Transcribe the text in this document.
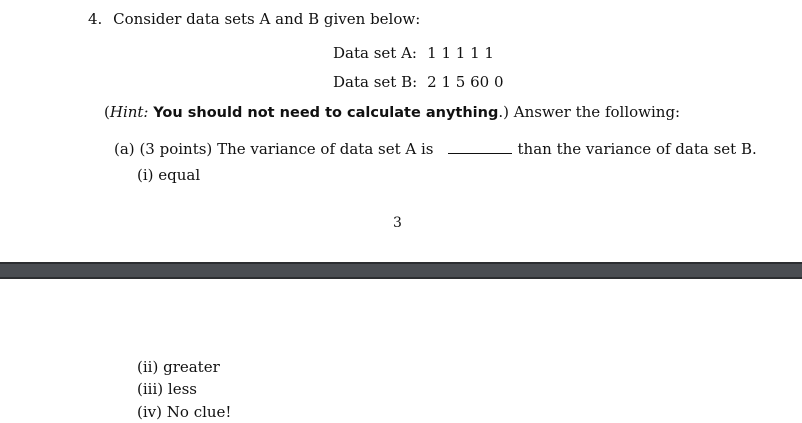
4. Consider data sets A and B given below:
Data set A:	1 1 1 1 1
Data set B:	2 1 5 60 0
(Hint: You should not need to calculate anything.) Answer the following:
(a) (3 points) The variance of data set A is	than the variance of data set B.
(i) equal
3
(ii) greater
(iii) less
(iv) No clue!
